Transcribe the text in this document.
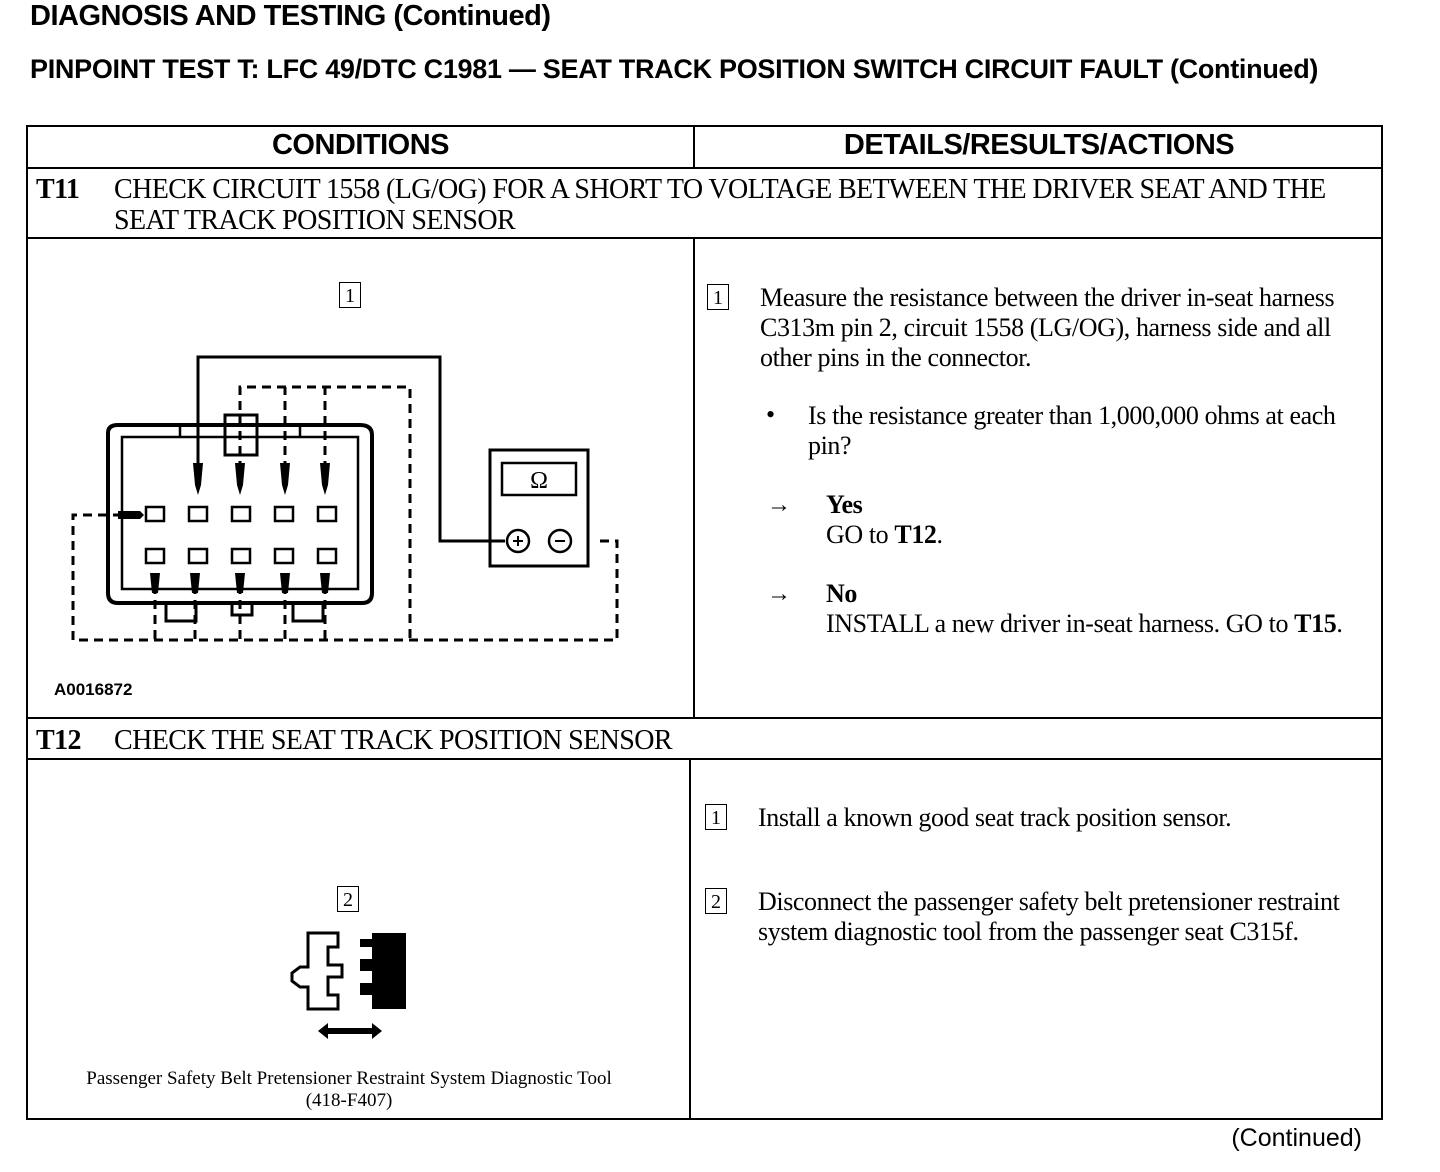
DIAGNOSIS AND TESTING (Continued)
PINPOINT TEST T: LFC 49/DTC C1981 — SEAT TRACK POSITION SWITCH CIRCUIT FAULT (Continued)
CONDITIONS	DETAILS/RESULTS/ACTIONS
T11 CHECK CIRCUIT 1558 (LG/OG) FOR A SHORT TO VOLTAGE BETWEEN THE DRIVER SEAT AND THE SEAT TRACK POSITION SENSOR
T12 CHECK THE SEAT TRACK POSITION SENSOR
1
Ω
A0016872
1 Measure the resistance between the driver in-seat harness C313m pin 2, circuit 1558 (LG/OG), harness side and all other pins in the connector.
• Is the resistance greater than 1,000,000 ohms at each pin?
→ Yes
GO to T12.
→ No
INSTALL a new driver in-seat harness. GO to T15.
2
Passenger Safety Belt Pretensioner Restraint System Diagnostic Tool
(418-F407)
1 Install a known good seat track position sensor.
2 Disconnect the passenger safety belt pretensioner restraint system diagnostic tool from the passenger seat C315f.
(Continued)
